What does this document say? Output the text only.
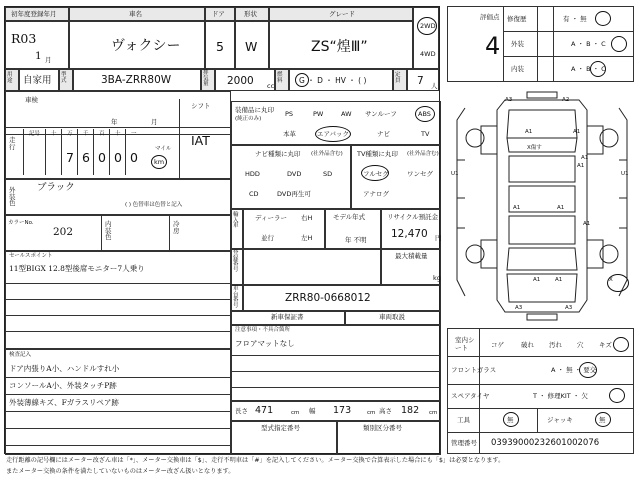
初年度登録年月	車名	ドア	形状	グレード
R03
1 月
ヴォクシー	5 W	ZS“煌Ⅲ”
2WD
4WD
用途	自家用 型式	3BA-ZRR80W
排気量	2000 cc
燃料	G ・ D ・ HV ・ ( )
定員	7 人
車検
年	月
シフト
IAT
走行	マイル
km
外装色
ブラック
( ) 色替車は色替と記入
カラーNo.
202
内装色
冷房
セールスポイント
11型BIGX 12.8型後席モニター7人乗り
検査記入
ドア内張りA小、ハンドルすれ小
コンソールA小、外装タッチP跡
外装薄線キズ、Fガラスリペア跡
装備品に丸印
(純正のみ)
PS	PW	AW サンルーフ	ABS
本革	エアバック	ナビ	TV
ナビ種類に丸印 (社外品含む)
HDD	DVD	SD
CD	DVD再生可
TV種類に丸印 (社外品含む)
フルセグ	ワンセグ
アナログ
輸入車
ディーラー 右H
並行	左H
モデル年式
年 不明
リサイクル預託金
12,470 円
登録番号
最大積載量
kg
車台番号
ZRR80-0668012
新車保証書	車両取説
注意事項・不具合箇所
フロアマットなし
長さ 471	cm 幅 173	cm 高さ 182 cm
型式指定番号	類別区分番号
記号 十 万 千 百 十 一
7 6 0 0 0
評価点
4
修復歴	有 ・ 無
外装	A ・ B ・ C
内装	A ・ B ・ C
室内シート
フロントガラス	A ・ 無 ・ 要交
スペアタイヤ	T ・ 修理KIT ・ 欠
工具	無	ジャッキ	無
管理番号 03939000232601002076
A3	A2
A1	A1
X傷す
A1
A1
U1	U1
A1	A1
A1
A3	A3
A1	A1	X
コゲ	破れ 汚れ 穴 キズ
走行距離の記号欄にはメーター改ざん車は「*」、メーター交換車は「$」、走行不明車は「#」を記入してください。メーター交換で合算表示した場合にも「$」は必要となります。
またメーター交換の条件を満たしていないものはメーター改ざん扱いとなります。
